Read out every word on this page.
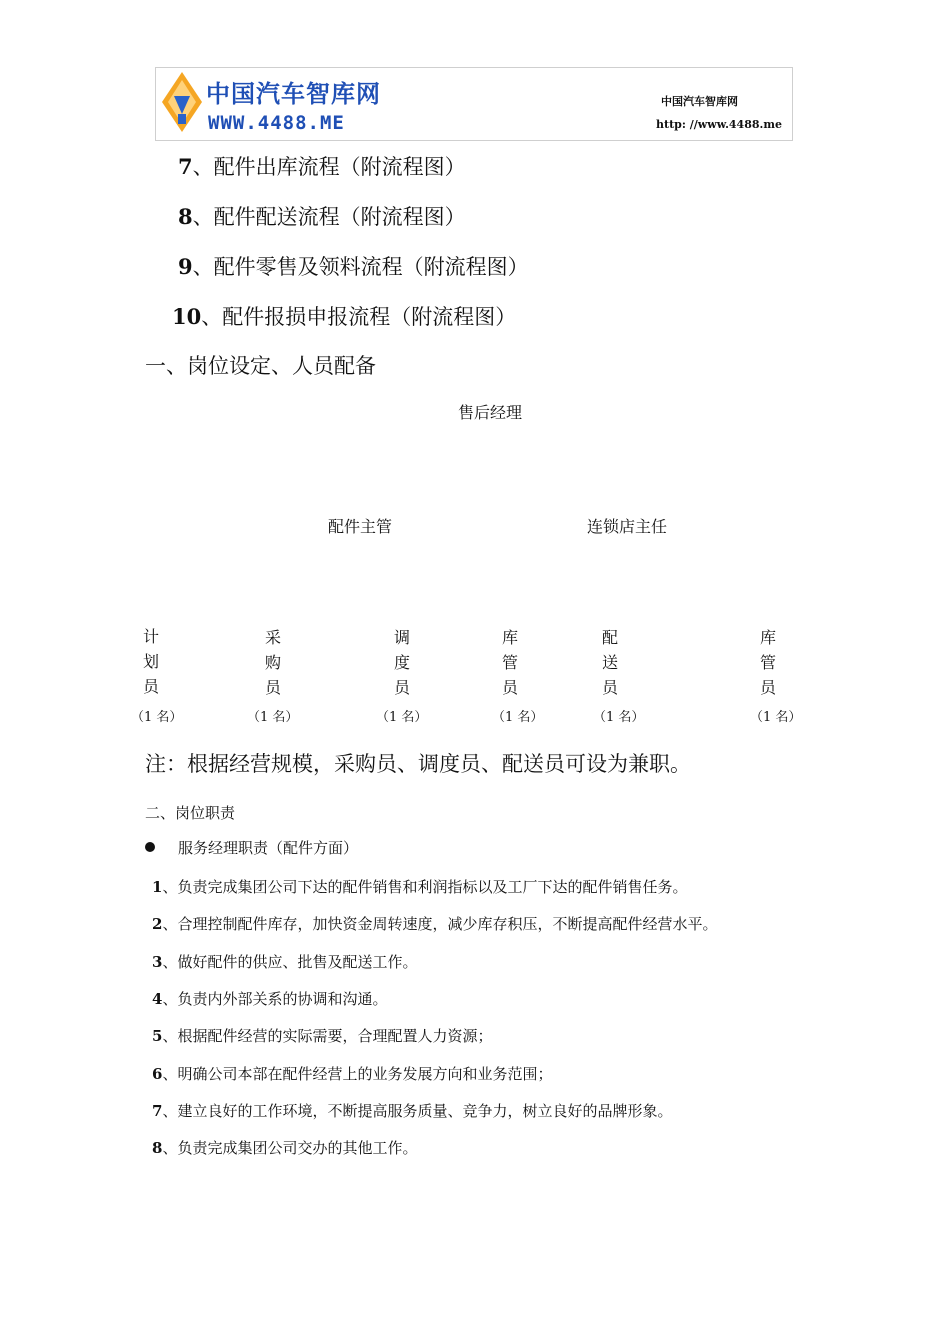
中国汽车智库网
WWW.4488.ME
中国汽车智库网
http: //www.4488.me
7、配件出库流程（附流程图）
8、配件配送流程（附流程图）
9、配件零售及领料流程（附流程图）
10、配件报损申报流程（附流程图）
一、岗位设定、人员配备
售后经理
配件主管	连锁店主任
计
划
员
采
购
员
调
度
员
库
管
员
配
送
员
库
管
员
（1 名）	（1 名）	（1 名）	（1 名）	（1 名）	（1 名）
注：根据经营规模，采购员、调度员、配送员可设为兼职。
二、岗位职责
服务经理职责（配件方面）
1、负责完成集团公司下达的配件销售和利润指标以及工厂下达的配件销售任务。
2、合理控制配件库存，加快资金周转速度，减少库存积压，不断提高配件经营水平。
3、做好配件的供应、批售及配送工作。
4、负责内外部关系的协调和沟通。
5、根据配件经营的实际需要，合理配置人力资源；
6、明确公司本部在配件经营上的业务发展方向和业务范围；
7、建立良好的工作环境，不断提高服务质量、竞争力，树立良好的品牌形象。
8、负责完成集团公司交办的其他工作。
